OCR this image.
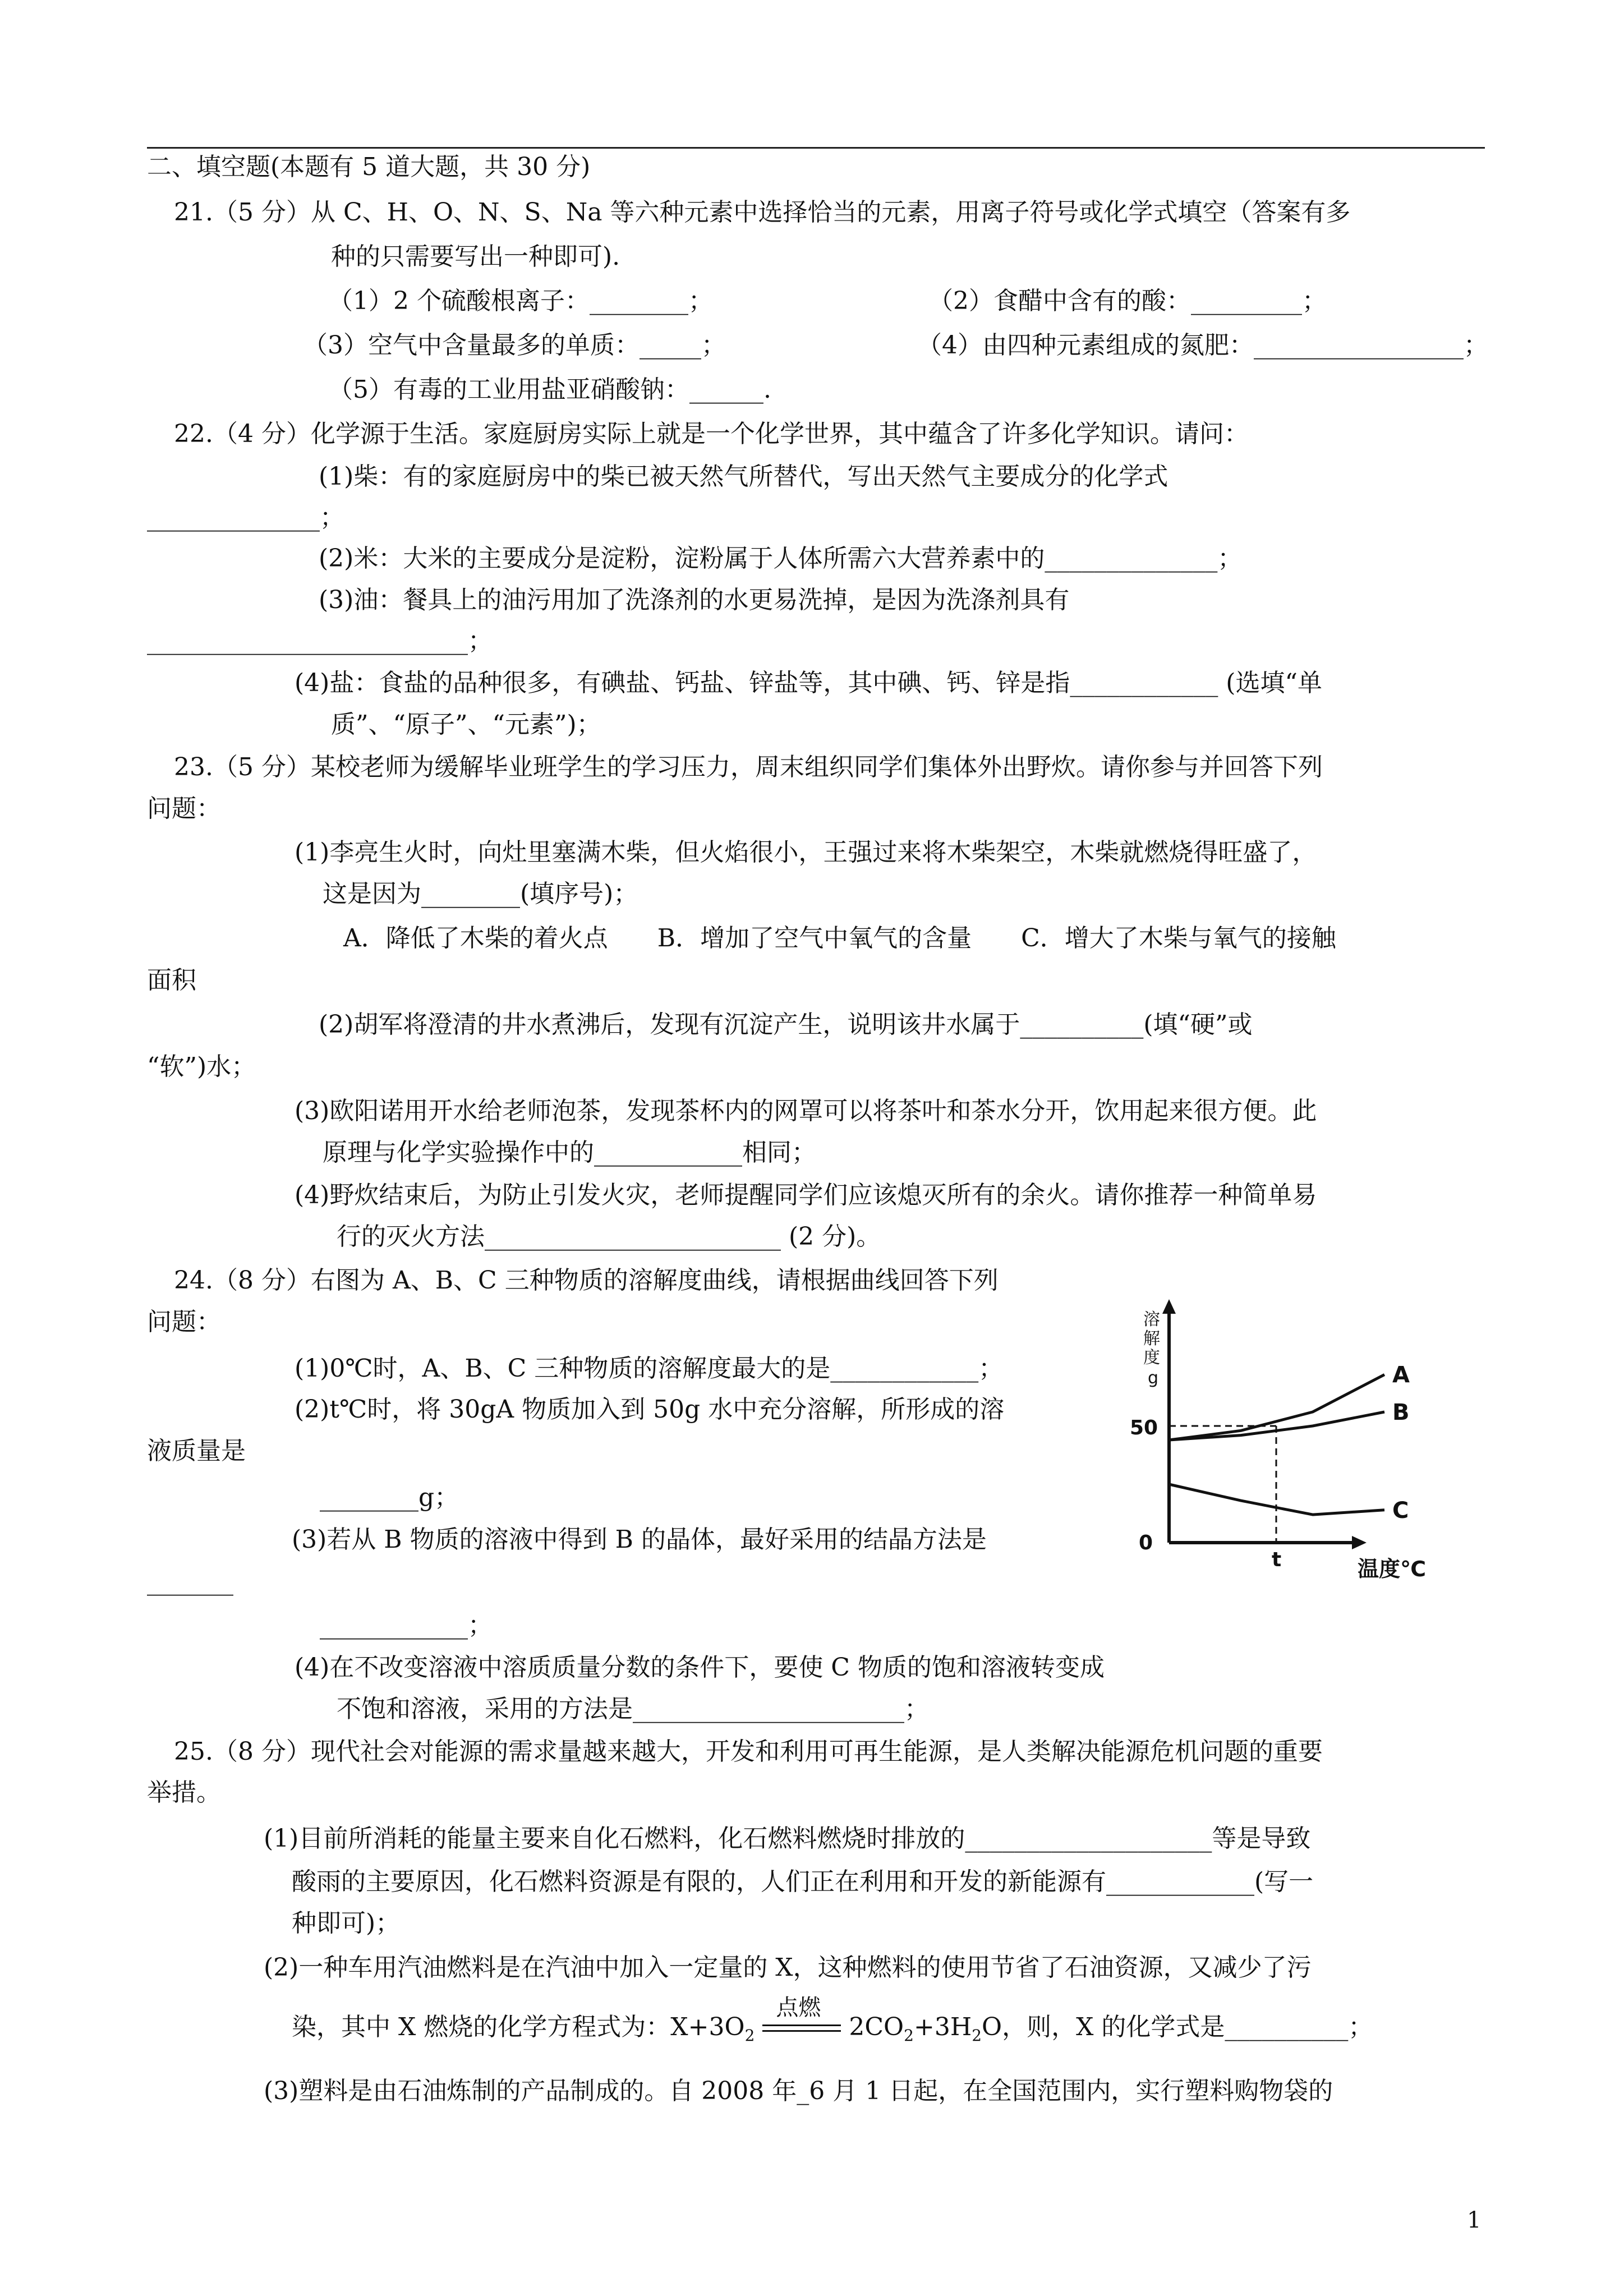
二、填空题(本题有 5 道大题，共 30 分)
21.（5 分）从 C、H、O、N、S、Na 等六种元素中选择恰当的元素，用离子符号或化学式填空（答案有多
种的只需要写出一种即可).
（1）2 个硫酸根离子：________；	（2）食醋中含有的酸：_________；
（3）空气中含量最多的单质：_____；	（4）由四种元素组成的氮肥：_________________；
（5）有毒的工业用盐亚硝酸钠：______.
22.（4 分）化学源于生活。家庭厨房实际上就是一个化学世界，其中蕴含了许多化学知识。请问：
(1)柴：有的家庭厨房中的柴已被天然气所替代，写出天然气主要成分的化学式
______________；
(2)米：大米的主要成分是淀粉，淀粉属于人体所需六大营养素中的______________；
(3)油：餐具上的油污用加了洗涤剂的水更易洗掉，是因为洗涤剂具有
__________________________；
(4)盐：食盐的品种很多，有碘盐、钙盐、锌盐等，其中碘、钙、锌是指____________ (选填“单
质”、“原子”、“元素”)；
23.（5 分）某校老师为缓解毕业班学生的学习压力，周末组织同学们集体外出野炊。请你参与并回答下列
问题：
(1)李亮生火时，向灶里塞满木柴，但火焰很小，王强过来将木柴架空，木柴就燃烧得旺盛了，
这是因为________(填序号)；
A．降低了木柴的着火点　　B．增加了空气中氧气的含量　　C．增大了木柴与氧气的接触
面积
(2)胡军将澄清的井水煮沸后，发现有沉淀产生，说明该井水属于__________(填“硬”或
“软”)水；
(3)欧阳诺用开水给老师泡茶，发现茶杯内的网罩可以将茶叶和茶水分开，饮用起来很方便。此
原理与化学实验操作中的____________相同；
(4)野炊结束后，为防止引发火灾，老师提醒同学们应该熄灭所有的余火。请你推荐一种简单易
行的灭火方法________________________ (2 分)。
24.（8 分）右图为 A、B、C 三种物质的溶解度曲线，请根据曲线回答下列
问题：
(1)0℃时，A、B、C 三种物质的溶解度最大的是____________；
(2)t℃时，将 30gA 物质加入到 50g 水中充分溶解，所形成的溶
液质量是
________g；
(3)若从 B 物质的溶液中得到 B 的晶体，最好采用的结晶方法是
_______
____________；
(4)在不改变溶液中溶质质量分数的条件下，要使 C 物质的饱和溶液转变成
不饱和溶液，采用的方法是______________________；
25.（8 分）现代社会对能源的需求量越来越大，开发和利用可再生能源，是人类解决能源危机问题的重要
举措。
(1)目前所消耗的能量主要来自化石燃料，化石燃料燃烧时排放的____________________等是导致
酸雨的主要原因，化石燃料资源是有限的，人们正在利用和开发的新能源有____________(写一
种即可)；
(2)一种车用汽油燃料是在汽油中加入一定量的 X，这种燃料的使用节省了石油资源，又减少了污
染，其中 X 燃烧的化学方程式为：$X+3O_2$
点燃
$2CO_2+3H_2O$，则，X 的化学式是__________；
(3)塑料是由石油炼制的产品制成的。自 2008 年_6 月 1 日起，在全国范围内，实行塑料购物袋的
溶
解
度
g
50
0
t	温度℃
A
B
C
1
